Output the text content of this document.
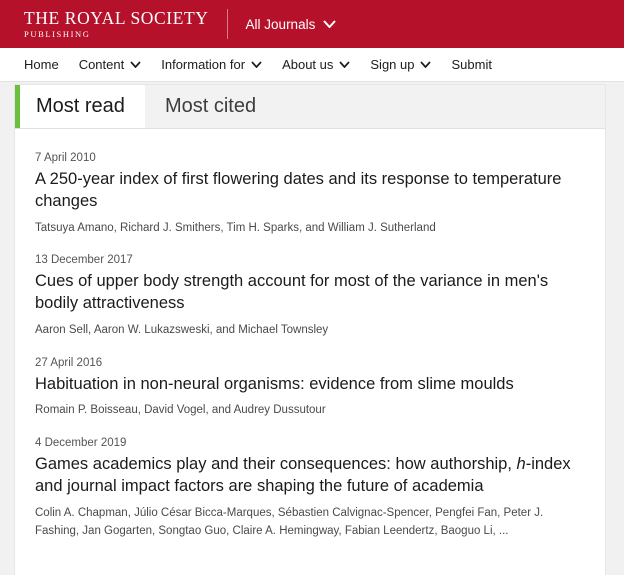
THE ROYAL SOCIETY
PUBLISHING
All Journals
Home Content	Information for	About us	Sign up	Submit
Most read Most cited
7 April 2010
A 250-year index of first flowering dates and its response to temperature changes
Tatsuya Amano, Richard J. Smithers, Tim H. Sparks, and William J. Sutherland
13 December 2017
Cues of upper body strength account for most of the variance in men's bodily attractiveness
Aaron Sell, Aaron W. Lukazsweski, and Michael Townsley
27 April 2016
Habituation in non-neural organisms: evidence from slime moulds
Romain P. Boisseau, David Vogel, and Audrey Dussutour
4 December 2019
Games academics play and their consequences: how authorship, h-index and journal impact factors are shaping the future of academia
Colin A. Chapman, Júlio César Bicca-Marques, Sébastien Calvignac-Spencer, Pengfei Fan, Peter J. Fashing, Jan Gogarten, Songtao Guo, Claire A. Hemingway, Fabian Leendertz, Baoguo Li, ...
